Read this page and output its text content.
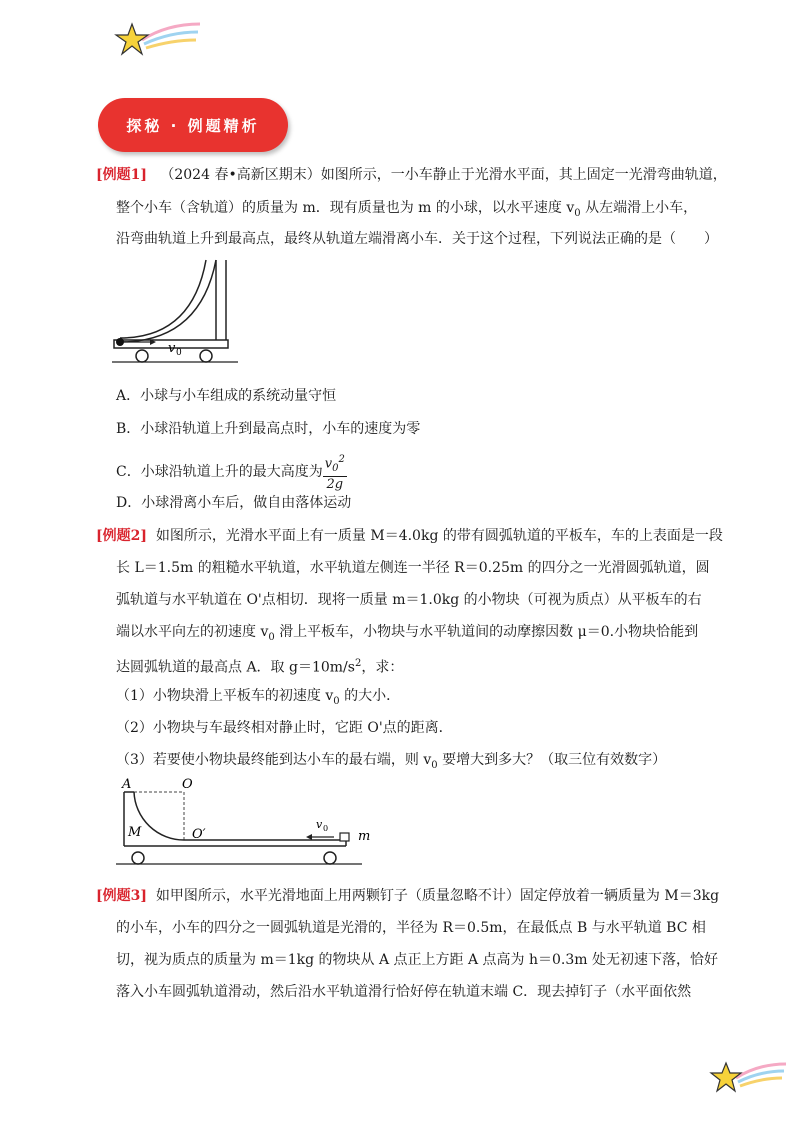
探秘 · 例题精析
[例题1] （2024 春•高新区期末）如图所示，一小车静止于光滑水平面，其上固定一光滑弯曲轨道，
整个小车（含轨道）的质量为 m．现有质量也为 m 的小球，以水平速度 $v_0$ 从左端滑上小车，
沿弯曲轨道上升到最高点，最终从轨道左端滑离小车．关于这个过程，下列说法正确的是（　　）
v 0
A．小球与小车组成的系统动量守恒
B．小球沿轨道上升到最高点时，小车的速度为零
C．小球沿轨道上升的最大高度为 $\frac{v_0^2}{2g}$
D．小球滑离小车后，做自由落体运动
[例题2] 如图所示，光滑水平面上有一质量 M＝4.0kg 的带有圆弧轨道的平板车，车的上表面是一段
长 L＝1.5m 的粗糙水平轨道，水平轨道左侧连一半径 R＝0.25m 的四分之一光滑圆弧轨道，圆
弧轨道与水平轨道在 O'点相切．现将一质量 m＝1.0kg 的小物块（可视为质点）从平板车的右
端以水平向左的初速度 $v_0$ 滑上平板车，小物块与水平轨道间的动摩擦因数 μ＝0.小物块恰能到
达圆弧轨道的最高点 A．取 $g=10m/s^2$，求：
（1）小物块滑上平板车的初速度 $v_0$ 的大小．
（2）小物块与车最终相对静止时，它距 O'点的距离．
（3）若要使小物块最终能到达小车的最右端，则 $v_0$ 要增大到多大？（取三位有效数字）
A	O
M	O′
v
m
0
[例题3] 如甲图所示，水平光滑地面上用两颗钉子（质量忽略不计）固定停放着一辆质量为 M＝3kg
的小车，小车的四分之一圆弧轨道是光滑的，半径为 R＝0.5m，在最低点 B 与水平轨道 BC 相
切，视为质点的质量为 m＝1kg 的物块从 A 点正上方距 A 点高为 h＝0.3m 处无初速下落，恰好
落入小车圆弧轨道滑动，然后沿水平轨道滑行恰好停在轨道末端 C．现去掉钉子（水平面依然
